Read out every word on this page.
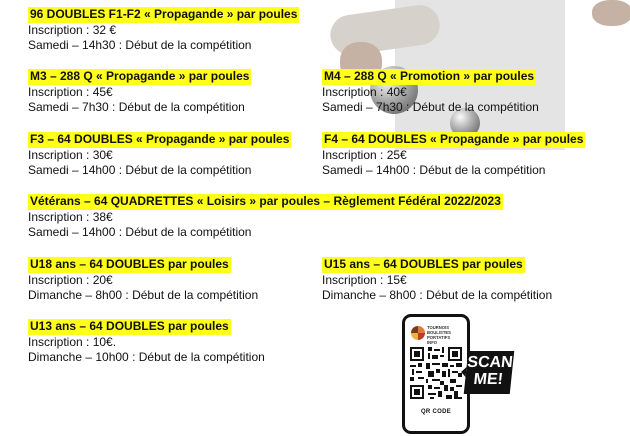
96 DOUBLES F1-F2 « Propagande » par poules
Inscription : 32 €
Samedi – 14h30 : Début de la compétition
M3 – 288 Q « Propagande » par poules
Inscription : 45€
Samedi – 7h30 : Début de la compétition
M4 – 288 Q « Promotion » par poules
Inscription : 40€
Samedi – 7h30 : Début de la compétition
F3 – 64 DOUBLES « Propagande » par poules
Inscription : 30€
Samedi – 14h00 : Début de la compétition
F4 – 64 DOUBLES « Propagande » par poules
Inscription : 25€
Samedi – 14h00 : Début de la compétition
Vétérans – 64 QUADRETTES « Loisirs » par poules – Règlement Fédéral 2022/2023
Inscription : 38€
Samedi – 14h00 : Début de la compétition
U18 ans – 64 DOUBLES par poules
Inscription : 20€
Dimanche – 8h00 : Début de la compétition
U15 ans – 64 DOUBLES par poules
Inscription : 15€
Dimanche – 8h00 : Début de la compétition
U13 ans – 64 DOUBLES par poules
Inscription : 10€.
Dimanche – 10h00 : Début de la compétition
TOURNOIS
BOULISTES
PORTATIFS
INFO
QR CODE
SCAN
ME!
